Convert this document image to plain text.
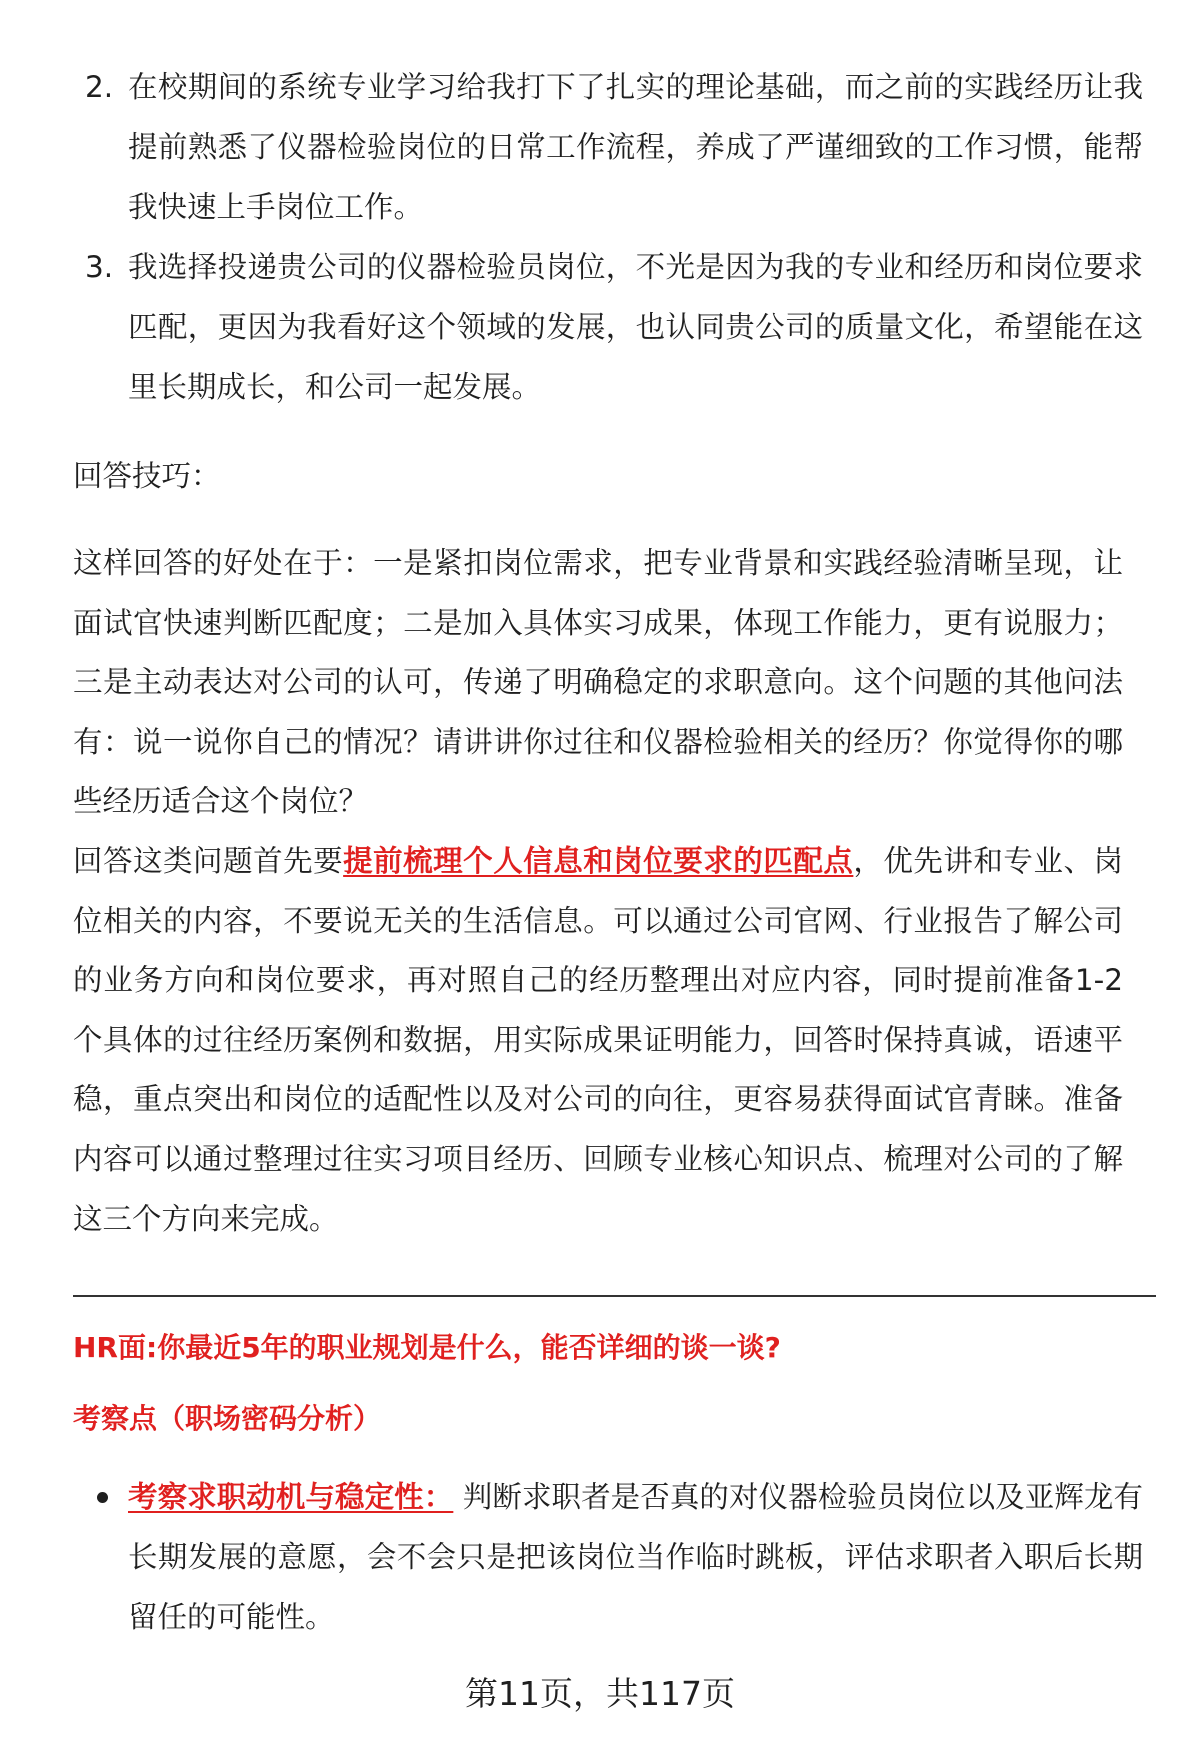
2. 在校期间的系统专业学习给我打下了扎实的理论基础，而之前的实践经历让我提前熟悉了仪器检验岗位的日常工作流程，养成了严谨细致的工作习惯，能帮我快速上手岗位工作。
3. 我选择投递贵公司的仪器检验员岗位，不光是因为我的专业和经历和岗位要求匹配，更因为我看好这个领域的发展，也认同贵公司的质量文化，希望能在这里长期成长，和公司一起发展。
回答技巧：
这样回答的好处在于：一是紧扣岗位需求，把专业背景和实践经验清晰呈现，让面试官快速判断匹配度；二是加入具体实习成果，体现工作能力，更有说服力；三是主动表达对公司的认可，传递了明确稳定的求职意向。这个问题的其他问法有：说一说你自己的情况？请讲讲你过往和仪器检验相关的经历？你觉得你的哪些经历适合这个岗位？
回答这类问题首先要提前梳理个人信息和岗位要求的匹配点，优先讲和专业、岗位相关的内容，不要说无关的生活信息。可以通过公司官网、行业报告了解公司的业务方向和岗位要求，再对照自己的经历整理出对应内容，同时提前准备1-2个具体的过往经历案例和数据，用实际成果证明能力，回答时保持真诚，语速平稳，重点突出和岗位的适配性以及对公司的向往，更容易获得面试官青睐。准备内容可以通过整理过往实习项目经历、回顾专业核心知识点、梳理对公司的了解这三个方向来完成。
HR面:你最近5年的职业规划是什么，能否详细的谈一谈?
考察点（职场密码分析）
考察求职动机与稳定性： 判断求职者是否真的对仪器检验员岗位以及亚辉龙有长期发展的意愿，会不会只是把该岗位当作临时跳板，评估求职者入职后长期留任的可能性。
第11页，共117页
